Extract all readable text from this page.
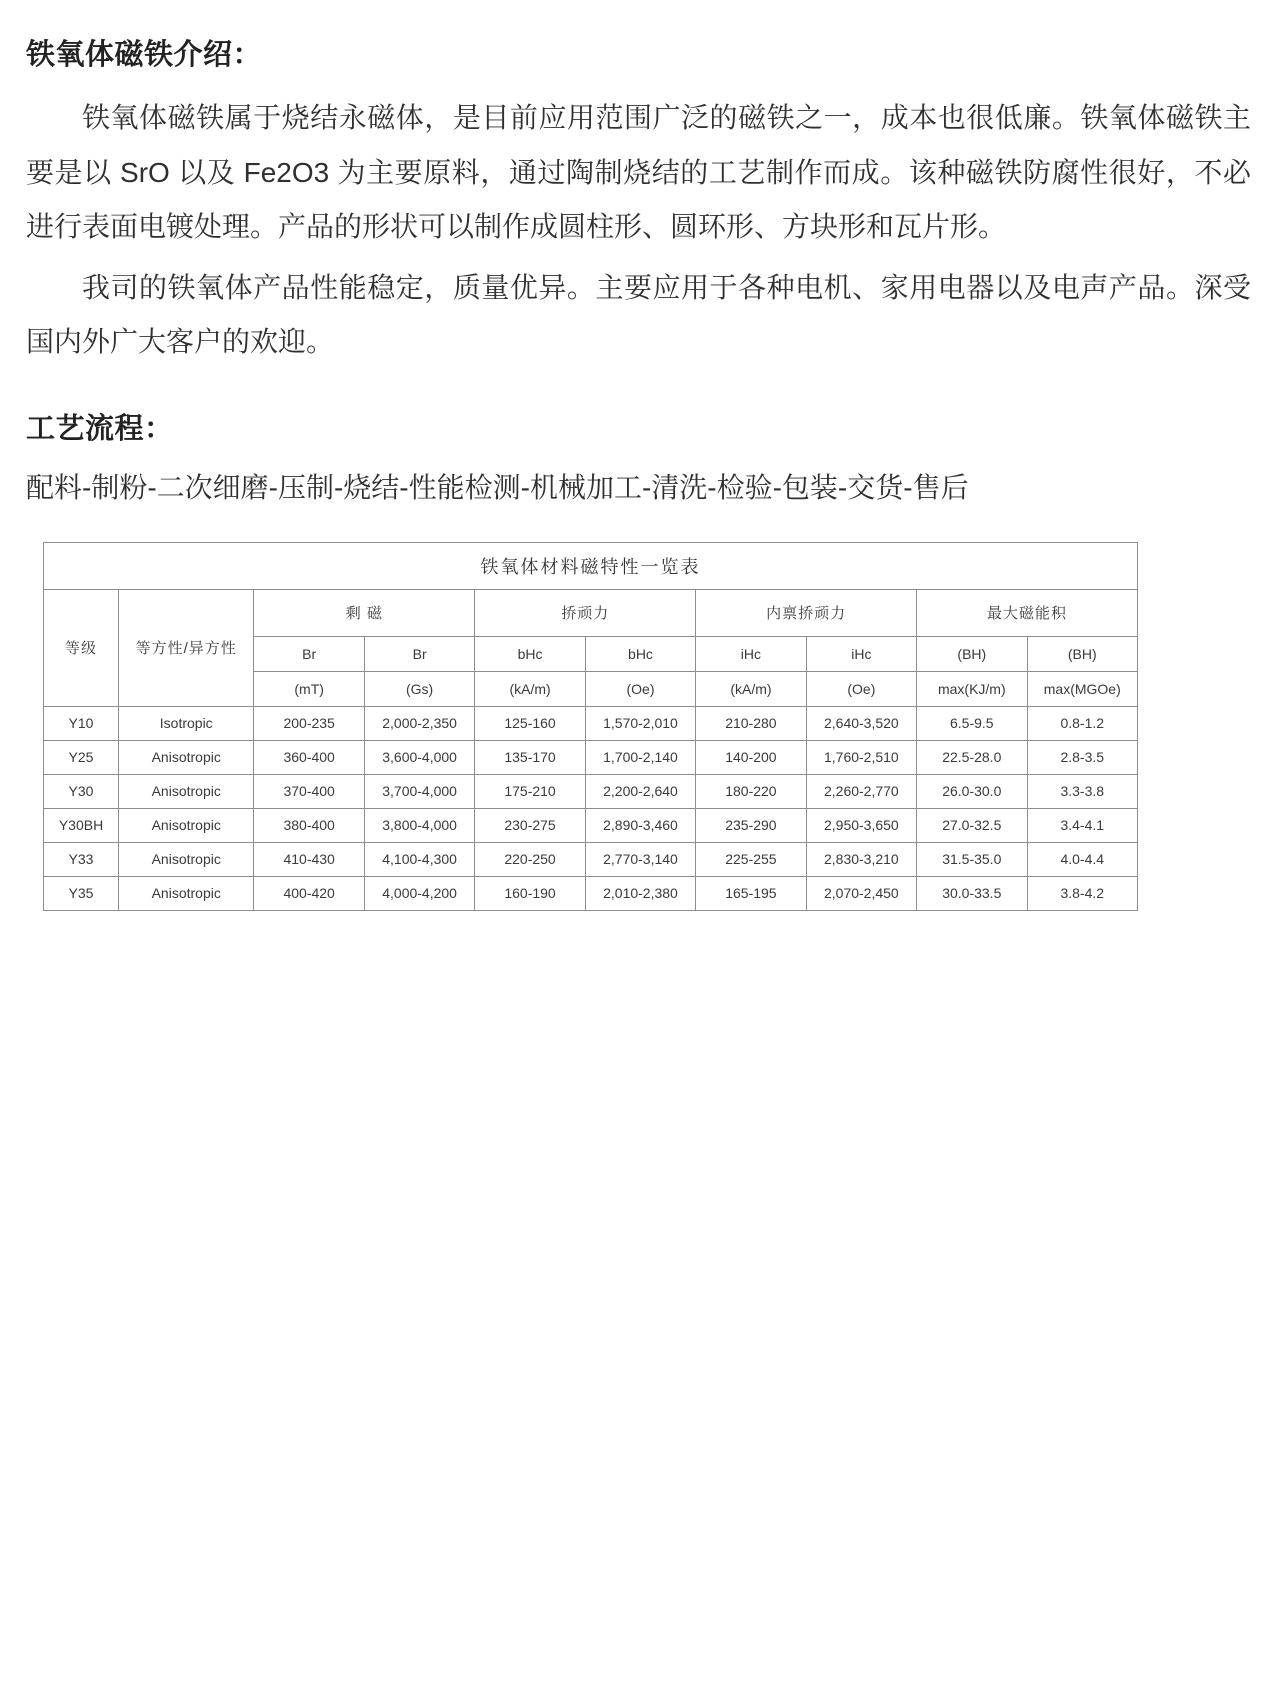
铁氧体磁铁介绍：

铁氧体磁铁属于烧结永磁体，是目前应用范围广泛的磁铁之一，成本也很低廉。铁氧体磁铁主要是以 SrO 以及 Fe2O3 为主要原料，通过陶制烧结的工艺制作而成。该种磁铁防腐性很好，不必进行表面电镀处理。产品的形状可以制作成圆柱形、圆环形、方块形和瓦片形。

我司的铁氧体产品性能稳定，质量优异。主要应用于各种电机、家用电器以及电声产品。深受国内外广大客户的欢迎。

工艺流程：

配料-制粉-二次细磨-压制-烧结-性能检测-机械加工-清洗-检验-包装-交货-售后

铁氧体材料磁特性一览表									
等级	等方性/异方性	剩 磁		挢顽力		内禀挢顽力		最大磁能积	
		Br	Br	bHc	bHc	iHc	iHc	(BH)	(BH)
		(mT)	(Gs)	(kA/m)	(Oe)	(kA/m)	(Oe)	max(KJ/m)	max(MGOe)
Y10	Isotropic	200-235	2,000-2,350	125-160	1,570-2,010	210-280	2,640-3,520	6.5-9.5	0.8-1.2
Y25	Anisotropic	360-400	3,600-4,000	135-170	1,700-2,140	140-200	1,760-2,510	22.5-28.0	2.8-3.5
Y30	Anisotropic	370-400	3,700-4,000	175-210	2,200-2,640	180-220	2,260-2,770	26.0-30.0	3.3-3.8
Y30BH	Anisotropic	380-400	3,800-4,000	230-275	2,890-3,460	235-290	2,950-3,650	27.0-32.5	3.4-4.1
Y33	Anisotropic	410-430	4,100-4,300	220-250	2,770-3,140	225-255	2,830-3,210	31.5-35.0	4.0-4.4
Y35	Anisotropic	400-420	4,000-4,200	160-190	2,010-2,380	165-195	2,070-2,450	30.0-33.5	3.8-4.2
